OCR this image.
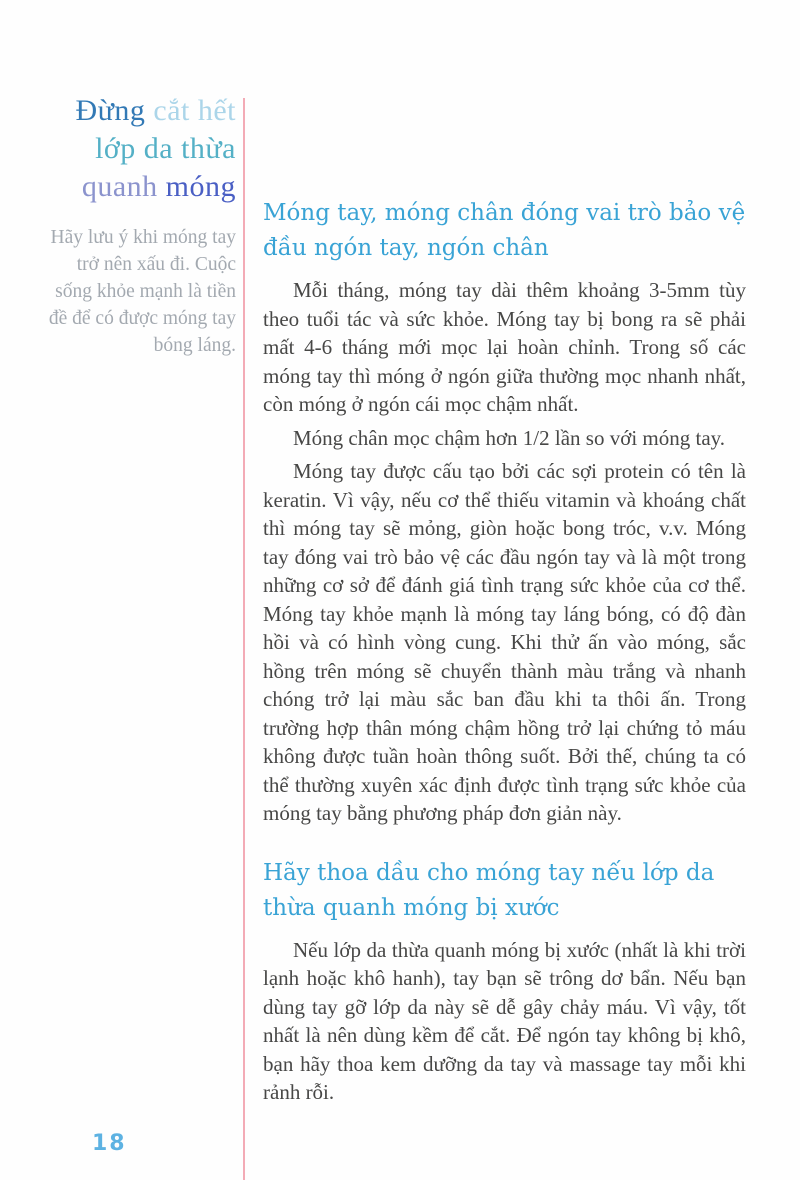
Đừng cắt hết
lớp da thừa
quanh móng
Hãy lưu ý khi móng tay trở nên xấu đi. Cuộc sống khỏe mạnh là tiền đề để có được móng tay bóng láng.
Móng tay, móng chân đóng vai trò bảo vệ đầu ngón tay, ngón chân

Mỗi tháng, móng tay dài thêm khoảng 3-5mm tùy theo tuổi tác và sức khỏe. Móng tay bị bong ra sẽ phải mất 4-6 tháng mới mọc lại hoàn chỉnh. Trong số các móng tay thì móng ở ngón giữa thường mọc nhanh nhất, còn móng ở ngón cái mọc chậm nhất.

Móng chân mọc chậm hơn 1/2 lần so với móng tay.

Móng tay được cấu tạo bởi các sợi protein có tên là keratin. Vì vậy, nếu cơ thể thiếu vitamin và khoáng chất thì móng tay sẽ mỏng, giòn hoặc bong tróc, v.v. Móng tay đóng vai trò bảo vệ các đầu ngón tay và là một trong những cơ sở để đánh giá tình trạng sức khỏe của cơ thể. Móng tay khỏe mạnh là móng tay láng bóng, có độ đàn hồi và có hình vòng cung. Khi thử ấn vào móng, sắc hồng trên móng sẽ chuyển thành màu trắng và nhanh chóng trở lại màu sắc ban đầu khi ta thôi ấn. Trong trường hợp thân móng chậm hồng trở lại chứng tỏ máu không được tuần hoàn thông suốt. Bởi thế, chúng ta có thể thường xuyên xác định được tình trạng sức khỏe của móng tay bằng phương pháp đơn giản này.

Hãy thoa dầu cho móng tay nếu lớp da thừa quanh móng bị xước

Nếu lớp da thừa quanh móng bị xước (nhất là khi trời lạnh hoặc khô hanh), tay bạn sẽ trông dơ bẩn. Nếu bạn dùng tay gỡ lớp da này sẽ dễ gây chảy máu. Vì vậy, tốt nhất là nên dùng kềm để cắt. Để ngón tay không bị khô, bạn hãy thoa kem dưỡng da tay và massage tay mỗi khi rảnh rỗi.

18
